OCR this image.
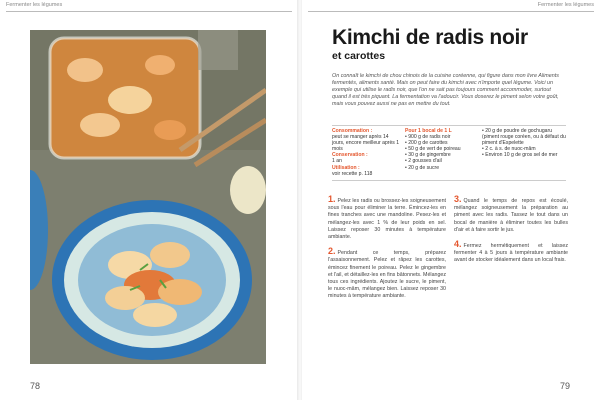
Fermenter les légumes
78
Fermenter les légumes
Kimchi de radis noir
et carottes
On connaît le kimchi de chou chinois de la cuisine coréenne, qui figure dans mon livre Aliments fermentés, aliments santé. Mais on peut faire du kimchi avec n'importe quel légume. Voici un exemple qui utilise le radis noir, que l'on ne sait pas toujours comment accommoder, surtout quand il est très piquant. La fermentation va l'adoucir. Vous doserez le piment selon votre goût, mais vous pouvez aussi ne pas en mettre du tout.
Consommation :
peut se manger après 14 jours, encore meilleur après 1 mois
Conservation :
1 an
Utilisation :
voir recette p. 118
Pour 1 bocal de 1 L
• 900 g de radis noir
• 200 g de carottes
• 50 g de vert de poireau
• 30 g de gingembre
• 2 gousses d'ail
• 20 g de sucre
• 20 g de poudre de gochugaru (piment rouge coréen, ou à défaut du piment d'Espelette
• 2 c. à s. de nuoc-mâm
• Environ 10 g de gros sel de mer
1. Pelez les radis ou brossez-les soigneusement sous l'eau pour éliminer la terre. Émincez-les en fines tranches avec une mandoline. Pesez-les et mélangez-les avec 1 % de leur poids en sel. Laissez reposer 30 minutes à température ambiante.
2. Pendant ce temps, préparez l'assaisonnement. Pelez et râpez les carottes, émincez finement le poireau. Pelez le gingembre et l'ail, et détaillez-les en fins bâtonnets. Mélangez tous ces ingrédients. Ajoutez le sucre, le piment, le nuoc-mâm, mélangez bien. Laissez reposer 30 minutes à température ambiante.
3. Quand le temps de repos est écoulé, mélangez soigneusement la préparation au piment avec les radis. Tassez le tout dans un bocal de manière à éliminer toutes les bulles d'air et à faire sortir le jus.
4. Fermez hermétiquement et laissez fermenter 4 à 5 jours à température ambiante avant de stocker idéalement dans un local frais.
79
